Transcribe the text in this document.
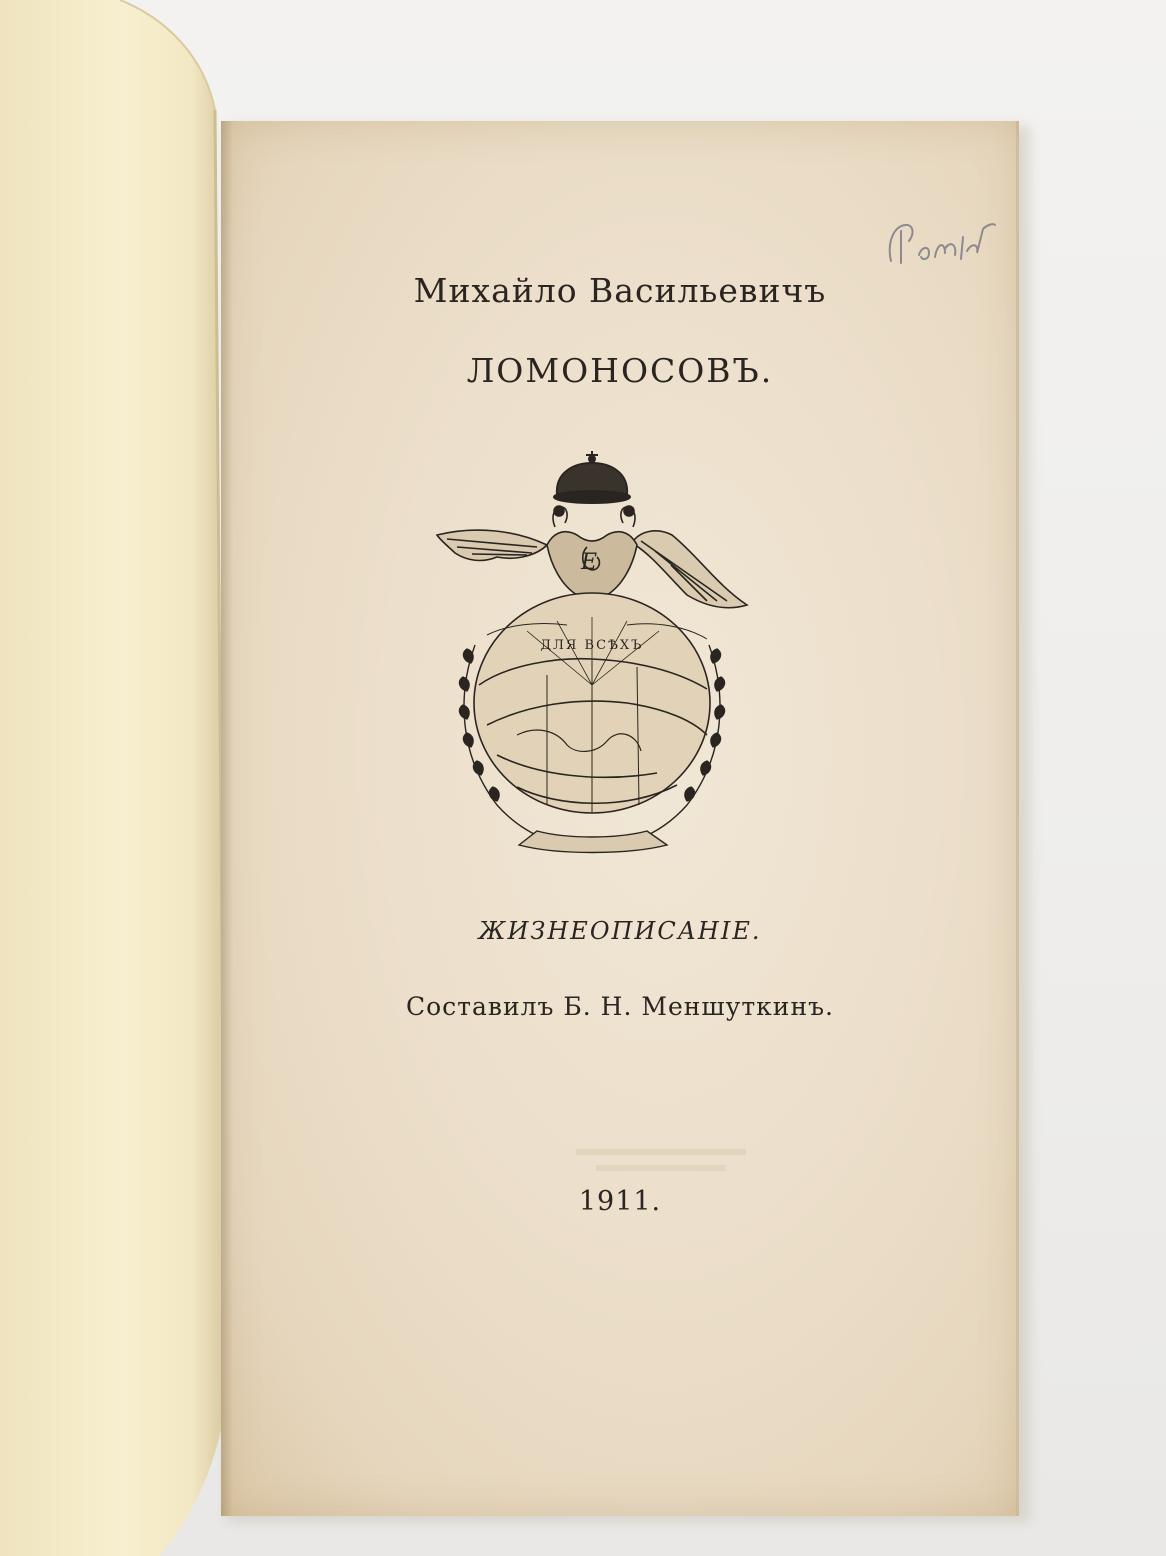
Михайло Васильевичъ
ЛОМОНОСОВЪ.
Е
ДЛЯ ВСѢХЪ
ЖИЗНЕОПИСАНIЕ.
Составилъ Б. Н. Меншуткинъ.
1911.
